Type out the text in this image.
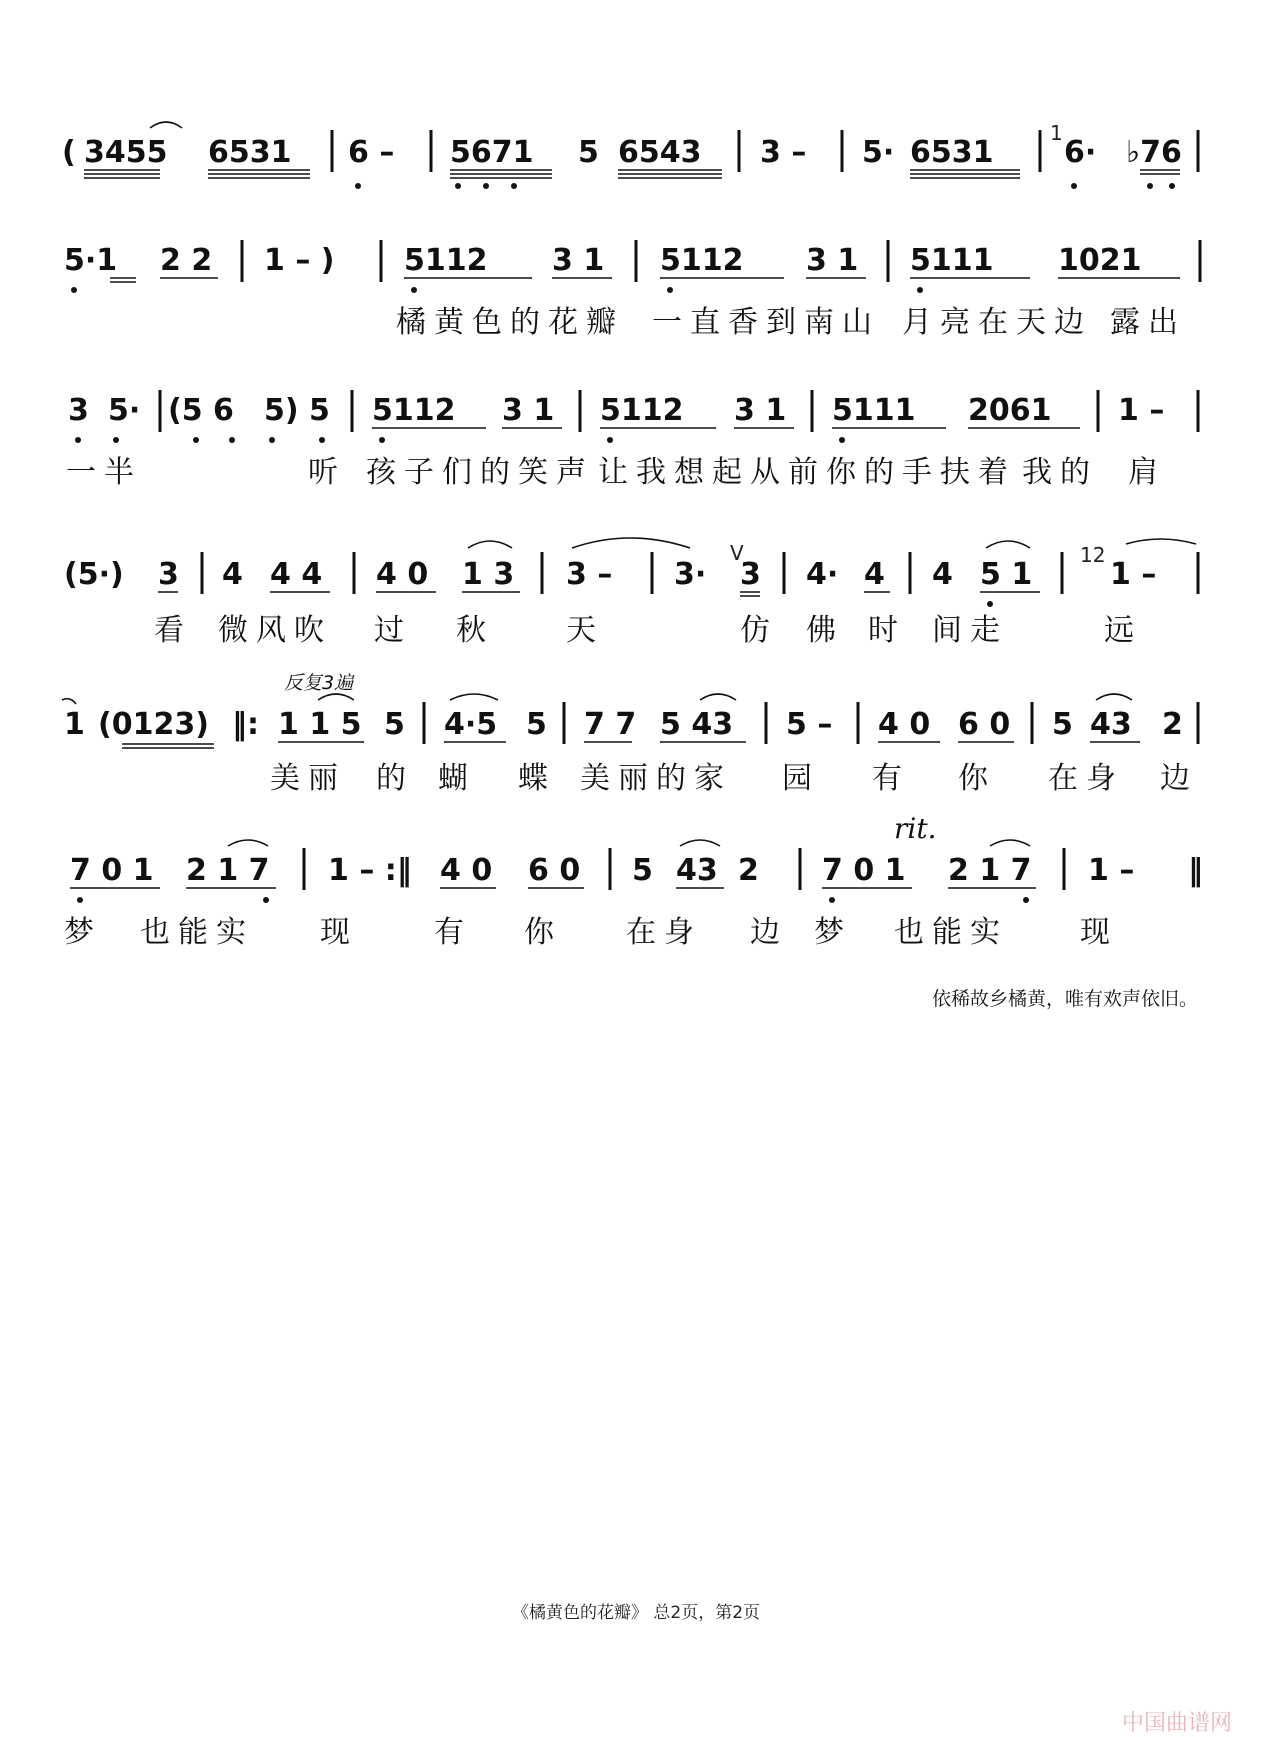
( 3455 6531 6 – 5671 5 6543 3 – 5· 6531 6· ♭76
1
5·1 2 2 1 – ) 5112 3 1 5112 3 1 5111 1021
橘黄色的花瓣 一直香到南山 月亮在天边 露出
3 5· (5 6 5) 5 5112 3 1 5112 3 1 5111 2061 1 –
一半	听 孩子们的笑声 让我想起从前 你的手扶着 我的 肩
(5·) 3 4 4 4 4 0 1 3 3 – 3· 3 4· 4 4 5 1	1 –
V	12
看 微风吹 过 秋 天	仿 佛 时 间走	远
1 (0123) ‖: 1 1 5 5 4·5 5 7 7 5 43 5 – 4 0 6 0 5 43 2
美丽 的 蝴 蝶 美丽的家 园 有 你 在身 边
7 0 1 2 1 7 1 – :‖ 4 0 6 0 5 43 2 7 0 1 2 1 7 1 – ‖
梦 也能实 现	有 你 在身 边 梦 也能实 现
反复3遍
rit.
依稀故乡橘黄，唯有欢声依旧。
《橘黄色的花瓣》 总2页，第2页
中国曲谱网
